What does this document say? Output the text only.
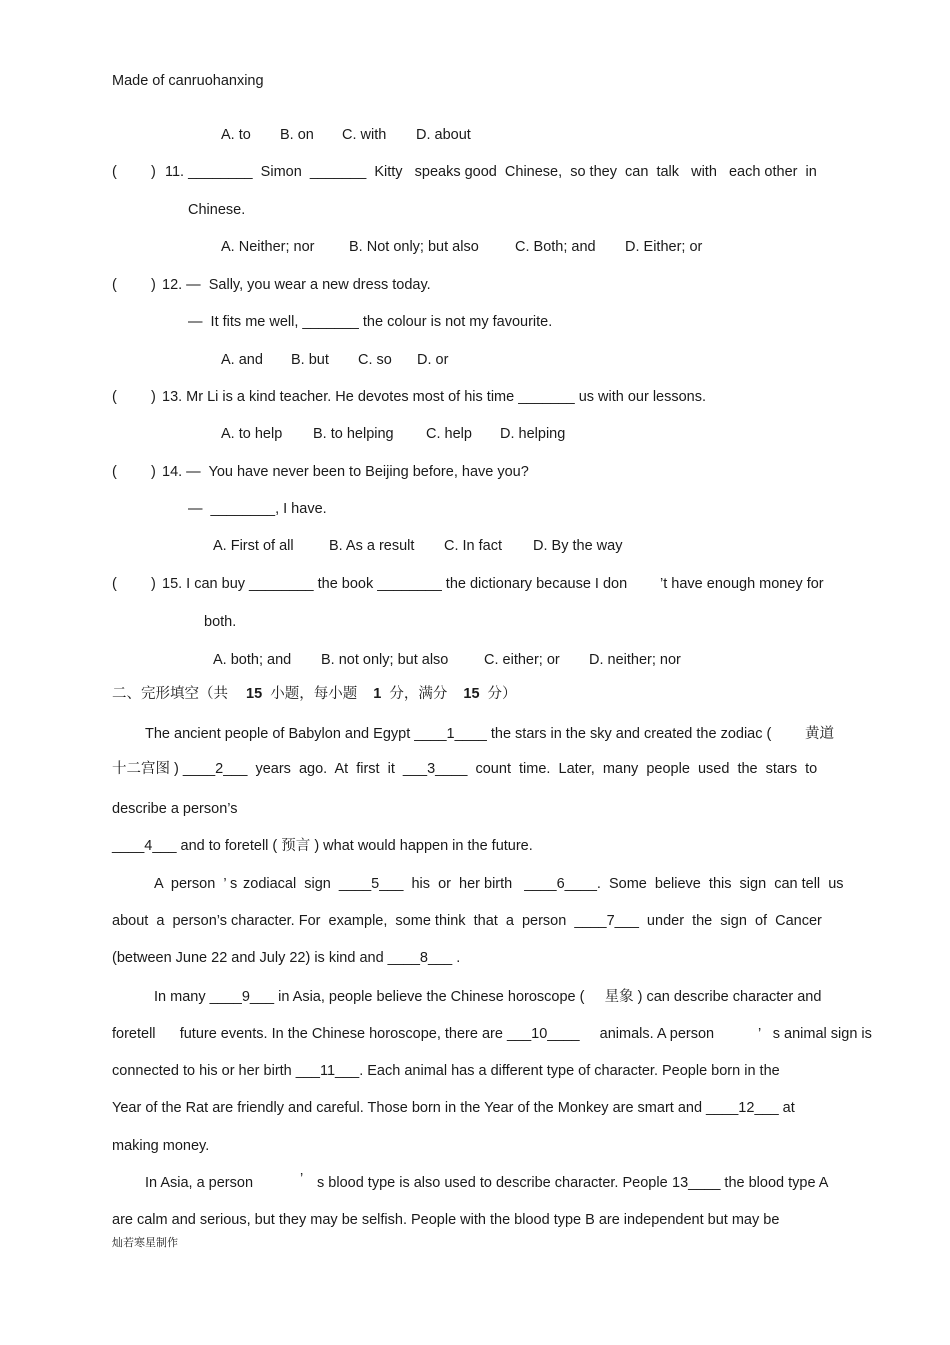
Made of canruohanxing
A. to B. on C. with D. about
( ) 11. ________  Simon  _______  Kitty   speaks good  Chinese,  so they  can  talk   with   each other  in
Chinese.
A. Neither; nor B. Not only; but also C. Both; and D. Either; or
( ) 12. —  Sally, you wear a new dress today.
—  It fits me well, _______ the colour is not my favourite.
A. and B. but C. so D. or
( ) 13. Mr Li is a kind teacher. He devotes most of his time _______ us with our lessons.
A. to help B. to helping C. help D. helping
( ) 14. —  You have never been to Beijing before, have you?
—  ________, I have.
A. First of all B. As a result C. In fact D. By the way
( ) 15. I can buy ________ the book ________ the dictionary because I don ’t have enough money for
both.
A. both; and B. not only; but also C. either; or D. neither; nor
二、完形填空（共 15 小题，每小题 1 分，满分 15 分）
The ancient people of Babylon and Egypt ____1____ the stars in the sky and created the zodiac ( 黄道
十二宫图 ) ____2___  years  ago.  At  first  it  ___3____  count  time.  Later,  many  people  used  the  stars  to
describe a person’s
____4___ and to foretell ( 预言 ) what would happen in the future.
A  person  ’ s zodiacal  sign  ____5___  his  or  her birth   ____6____.  Some  believe  this  sign  can tell  us
about  a  person’s character. For  example,  some think  that  a  person  ____7___  under  the  sign  of  Cancer
(between June 22 and July 22) is kind and ____8___ .
In many ____9___ in Asia, people believe the Chinese horoscope (     星象 ) can describe character and
foretell      future events. In the Chinese horoscope, there are ___10____     animals. A person	’   s animal sign is
connected to his or her birth ___11___. Each animal has a different type of character. People born in the
Year of the Rat are friendly and careful. Those born in the Year of the Monkey are smart and ____12___ at
making money.
In Asia, a person	’ s blood type is also used to describe character. People 13____ the blood type A
are calm and serious, but they may be selfish. People with the blood type B are independent but may be
灿若寒星制作
